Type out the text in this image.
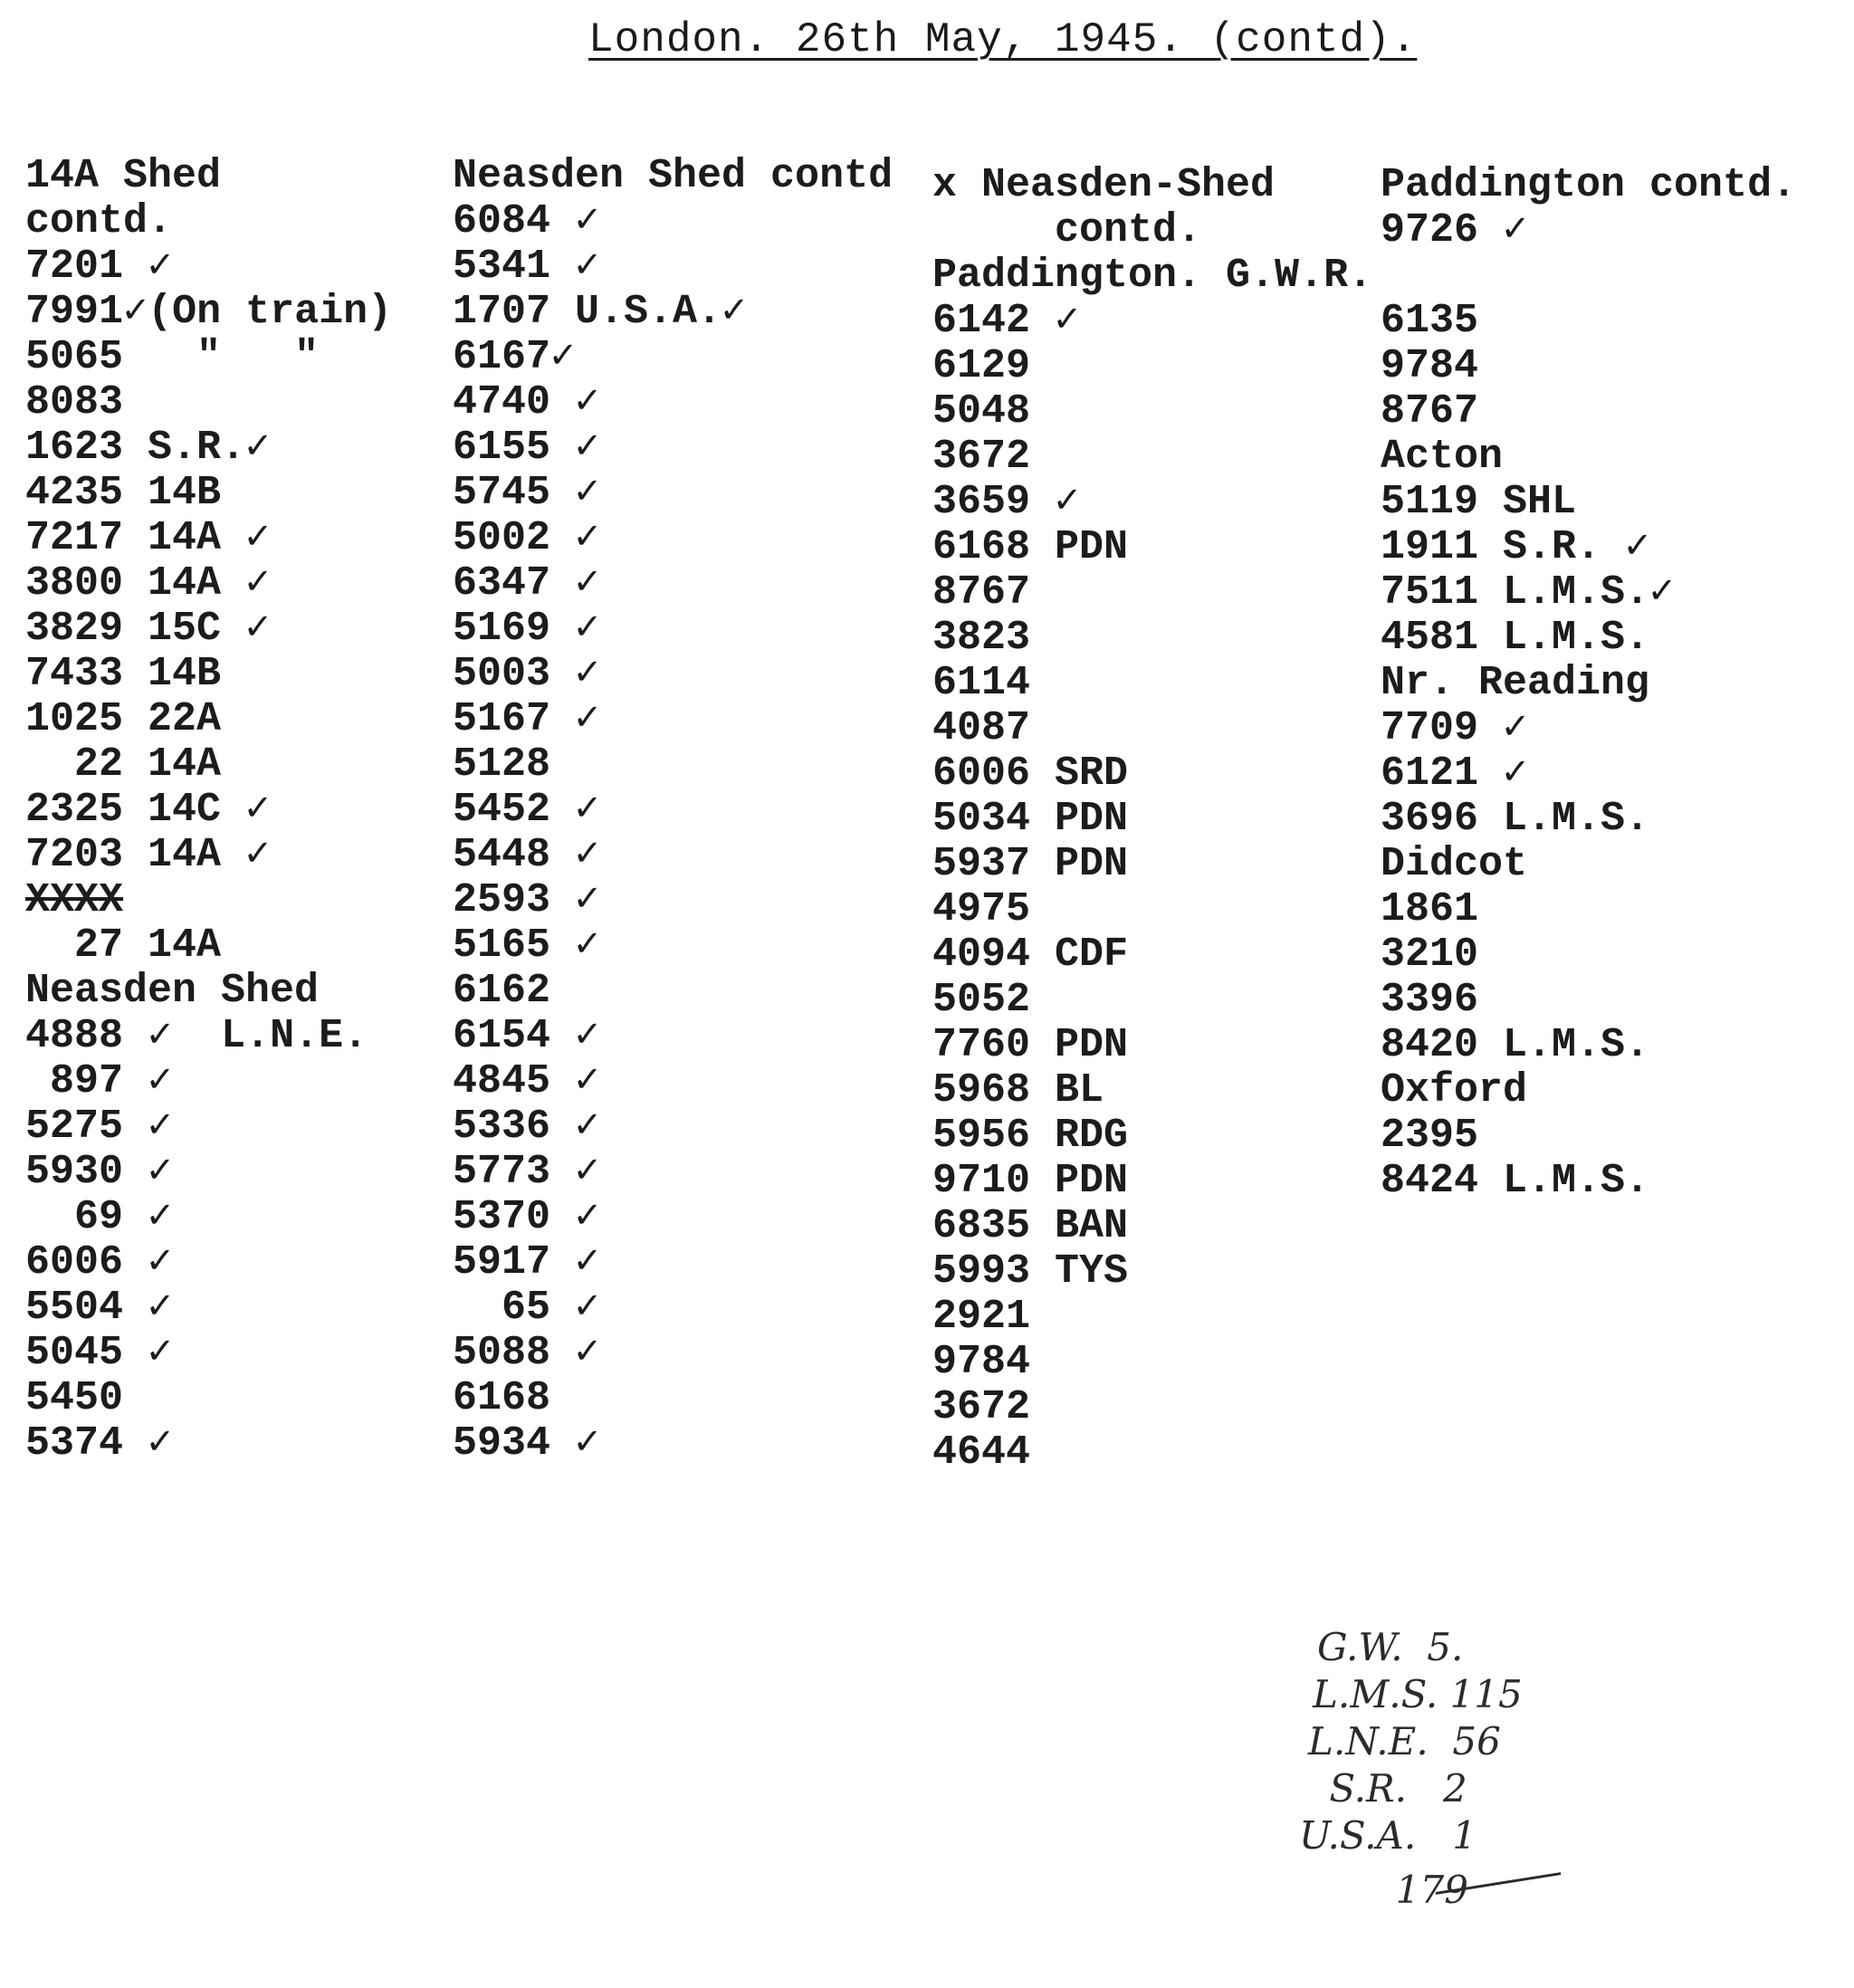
London. 26th May, 1945. (contd).
14A Shed
contd.
7201 ✓
7991✓(On train)
5065   "   "
8083
1623 S.R.✓
4235 14B
7217 14A ✓
3800 14A ✓
3829 15C ✓
7433 14B
1025 22A
22 14A
2325 14C ✓
7203 14A ✓
XXXX
27 14A
Neasden Shed
4888 ✓  L.N.E.
897 ✓
5275 ✓
5930 ✓
69 ✓
6006 ✓
5504 ✓
5045 ✓
5450
5374 ✓
Neasden Shed contd
6084 ✓
5341 ✓
1707 U.S.A.✓
6167✓
4740 ✓
6155 ✓
5745 ✓
5002 ✓
6347 ✓
5169 ✓
5003 ✓
5167 ✓
5128
5452 ✓
5448 ✓
2593 ✓
5165 ✓
6162
6154 ✓
4845 ✓
5336 ✓
5773 ✓
5370 ✓
5917 ✓
65 ✓
5088 ✓
6168
5934 ✓
x Neasden-Shed
contd.
Paddington. G.W.R.
6142 ✓
6129
5048
3672
3659 ✓
6168 PDN
8767
3823
6114
4087
6006 SRD
5034 PDN
5937 PDN
4975
4094 CDF
5052
7760 PDN
5968 BL
5956 RDG
9710 PDN
6835 BAN
5993 TYS
2921
9784
3672
4644
Paddington contd.
9726 ✓
6135
9784
8767
Acton
5119 SHL
1911 S.R. ✓
7511 L.M.S.✓
4581 L.M.S.
Nr. Reading
7709 ✓
6121 ✓
3696 L.M.S.
Didcot
1861
3210
3396
8420 L.M.S.
Oxford
2395
8424 L.M.S.
G.W.  5.
L.M.S. 115
L.N.E.  56
S.R.   2
U.S.A.   1
179
